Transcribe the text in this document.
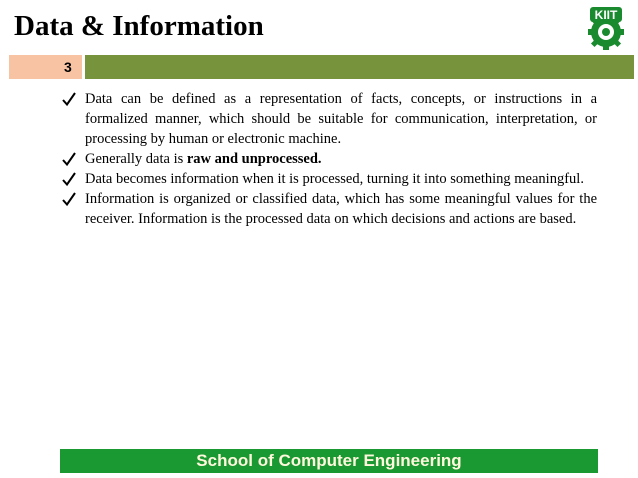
Data & Information	KIIT
3
Data can be defined as a representation of facts, concepts, or instructions in a formalized manner, which should be suitable for communication, interpretation, or processing by human or electronic machine.
Generally data is raw and unprocessed.
Data becomes information when it is processed, turning it into something meaningful.
Information is organized or classified data, which has some meaningful values for the receiver. Information is the processed data on which decisions and actions are based.
School of Computer Engineering
